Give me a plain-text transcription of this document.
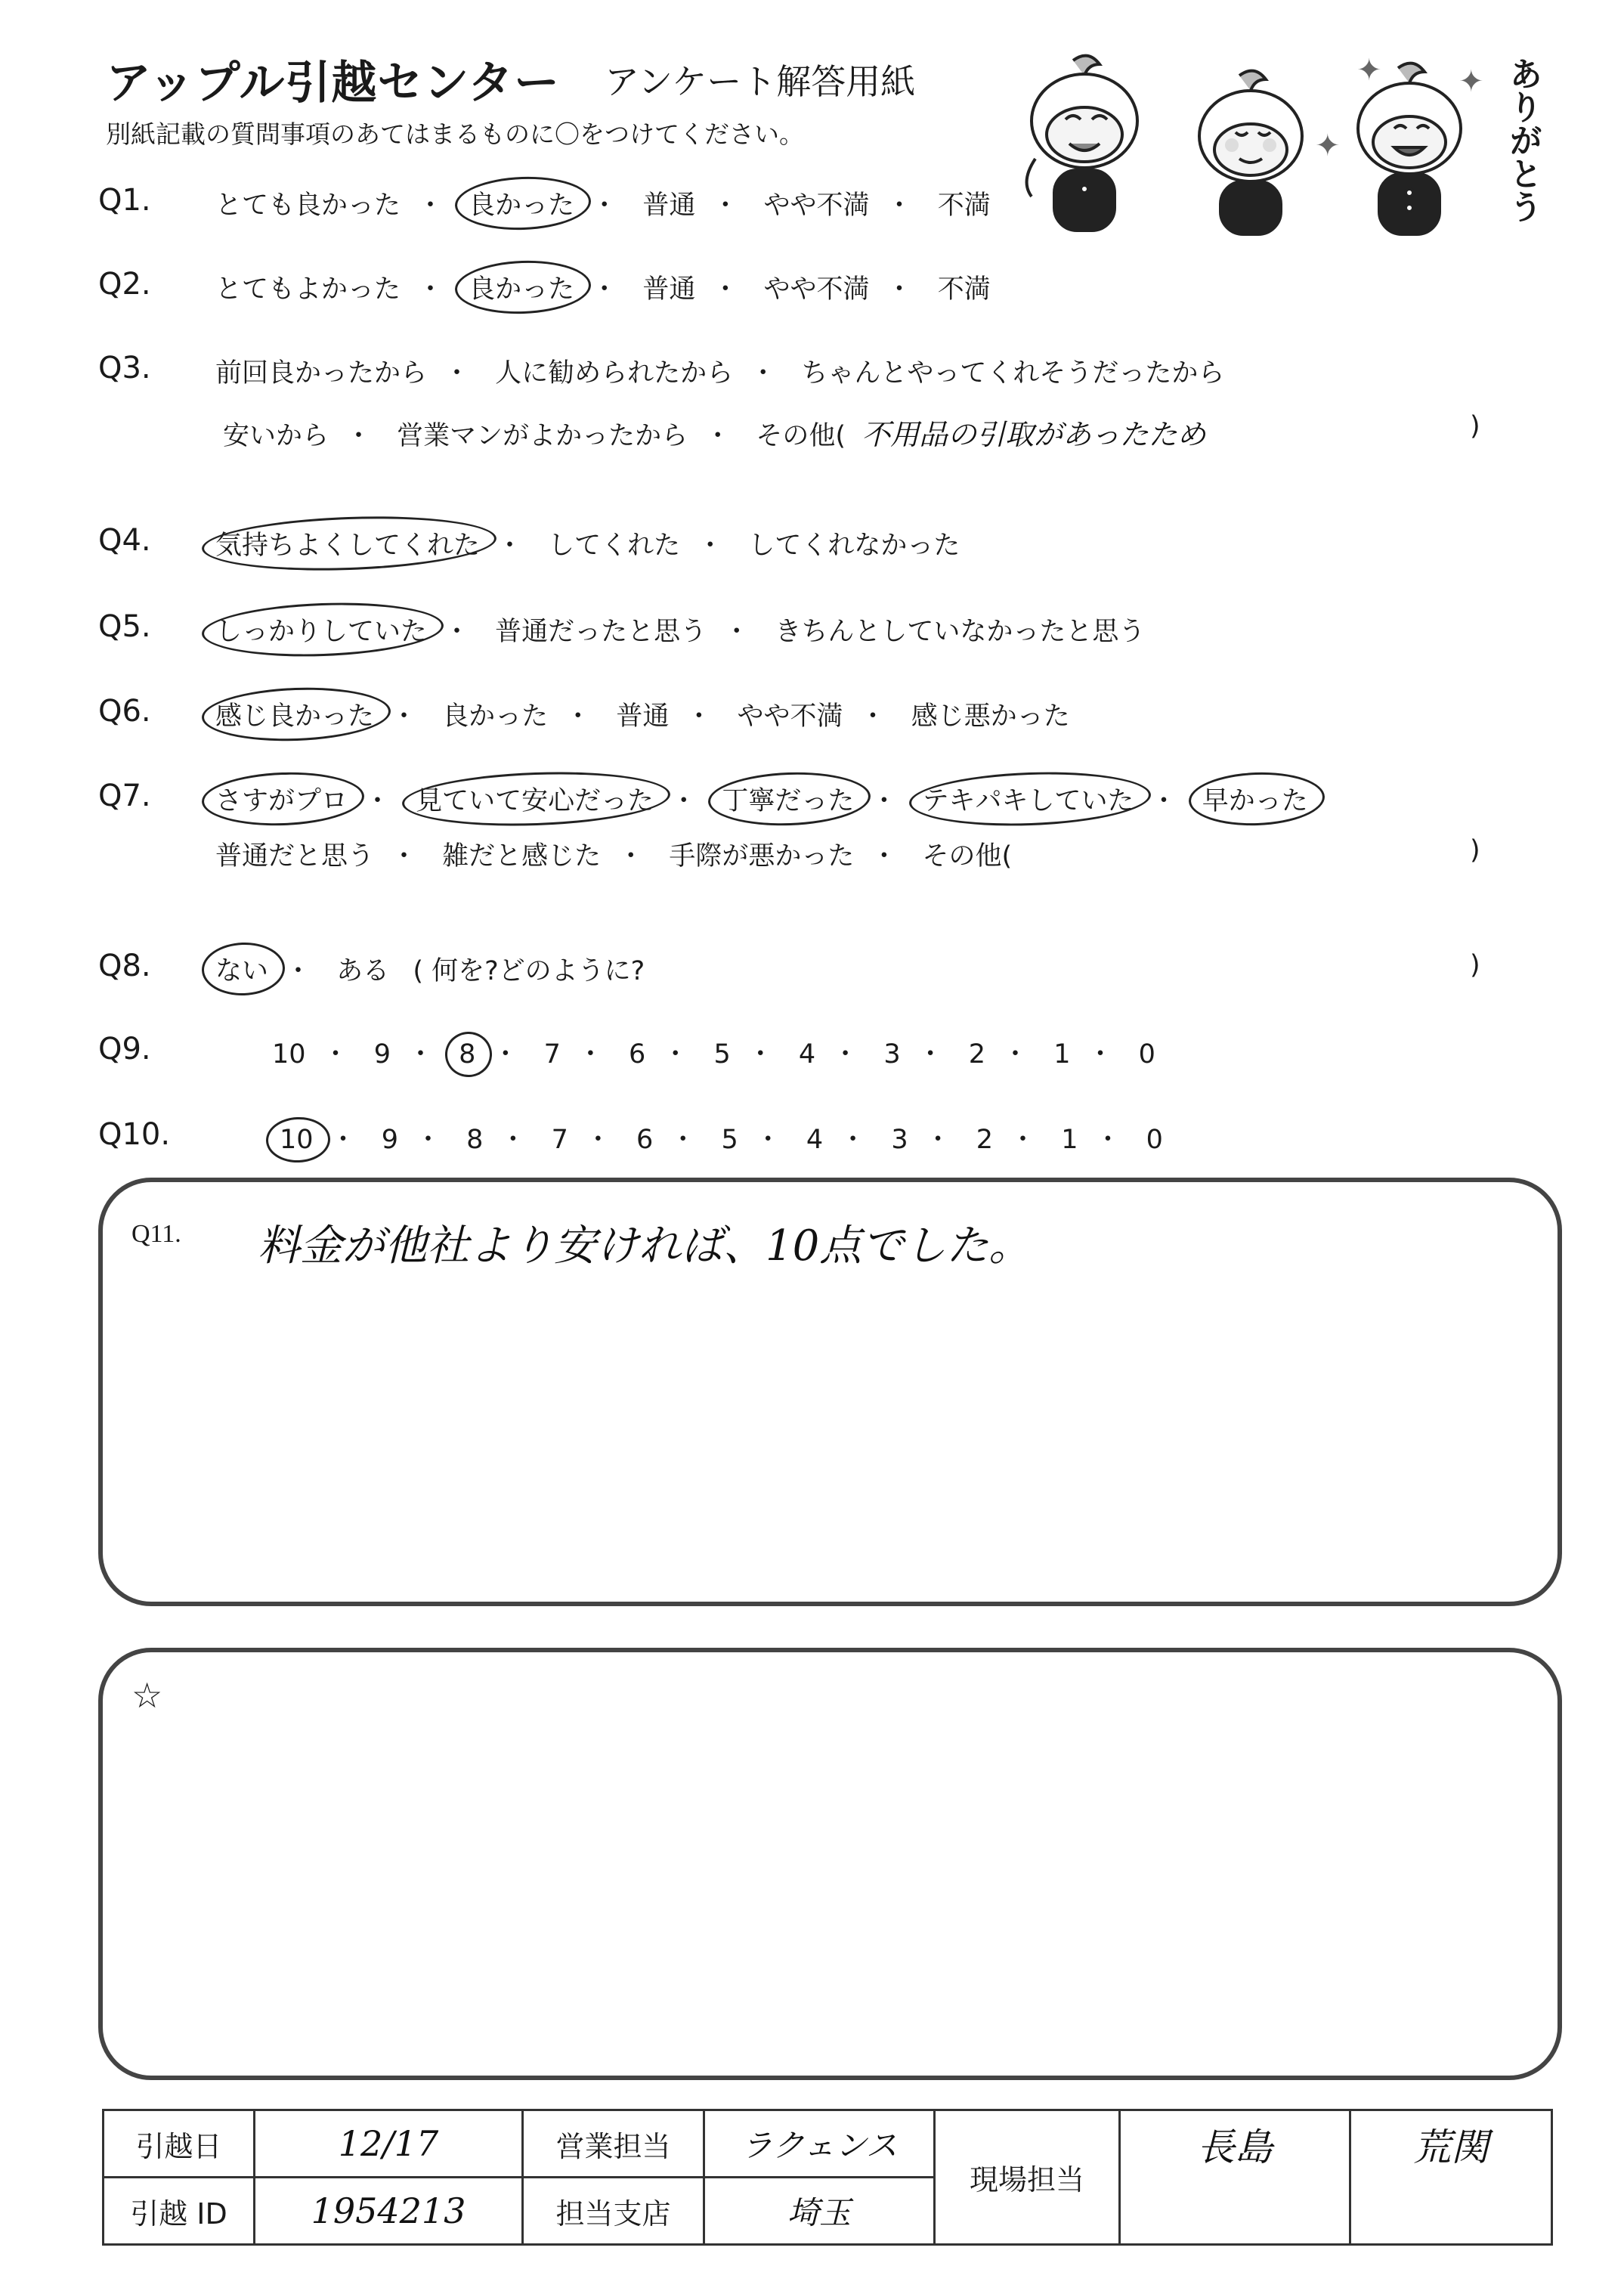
アップル引越センター アンケート解答用紙
別紙記載の質問事項のあてはまるものに〇をつけてください。
✦
✦
✦ ありがとう
Q1. とても良かった ・ 良かった ・ 普通 ・ やや不満 ・ 不満
Q2. とてもよかった ・ 良かった ・ 普通 ・ やや不満 ・ 不満
Q3. 前回良かったから ・ 人に勧められたから ・ ちゃんとやってくれそうだったから
安いから ・ 営業マンがよかったから ・ その他( 不用品の引取があったため	)
Q4. 気持ちよくしてくれた ・ してくれた ・ してくれなかった
Q5. しっかりしていた ・ 普通だったと思う ・ きちんとしていなかったと思う
Q6. 感じ良かった ・ 良かった ・ 普通 ・ やや不満 ・ 感じ悪かった
Q7. さすがプロ ・ 見ていて安心だった ・ 丁寧だった ・ テキパキしていた ・ 早かった
普通だと思う ・ 雑だと感じた ・ 手際が悪かった ・ その他(	)
Q8. ない ・ ある ( 何を?どのように?	)
Q9.	10 ・ 9 ・ 8 ・ 7 ・ 6 ・ 5 ・ 4 ・ 3 ・ 2 ・ 1 ・ 0
Q10.	10 ・ 9 ・ 8 ・ 7 ・ 6 ・ 5 ・ 4 ・ 3 ・ 2 ・ 1 ・ 0
Q11. 料金が他社より安ければ、10点でした。
☆
引越日	12/17	営業担当	ラクェンス	現場担当	長島	荒関
引越 ID	1954213	担当支店	埼玉			
